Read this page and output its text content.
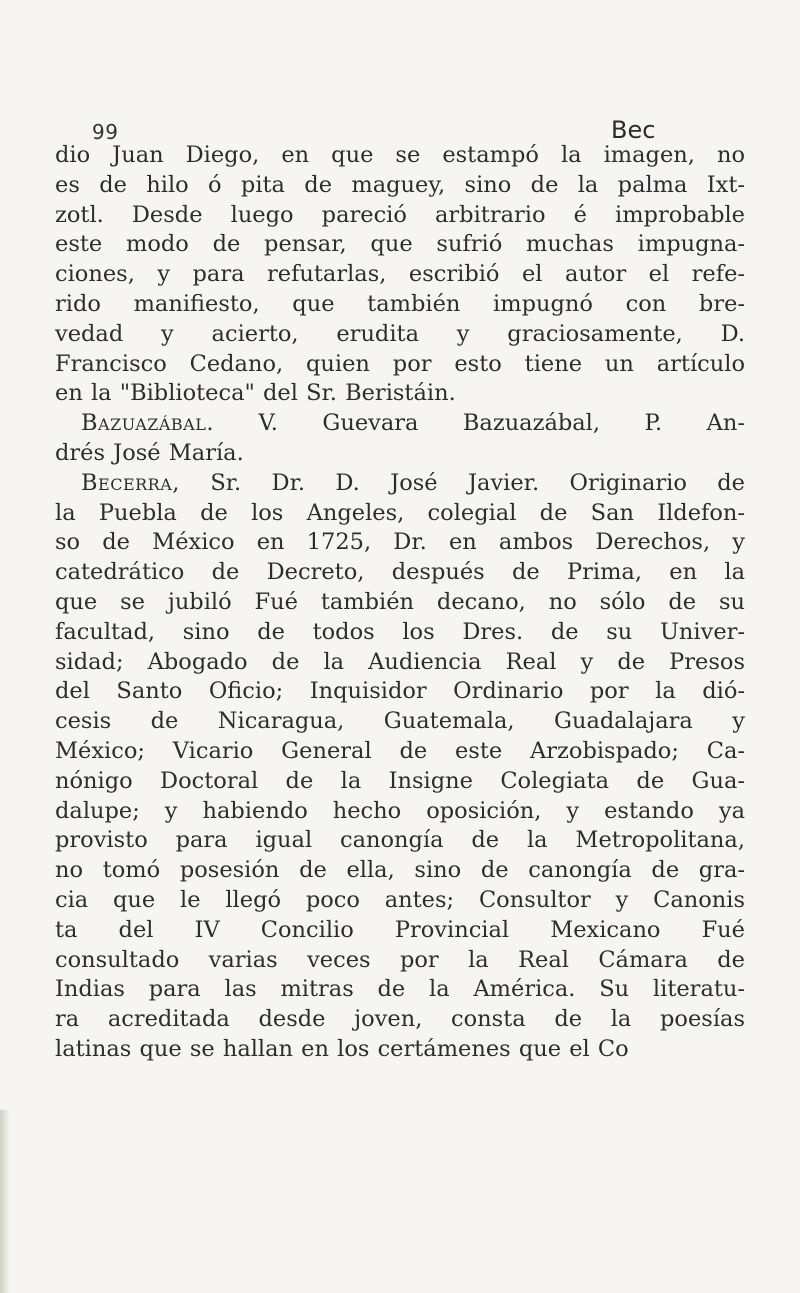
99	Bec
dio Juan Diego, en que se estampó la imagen, no
es de hilo ó pita de maguey, sino de la palma Ixt-
zotl. Desde luego pareció arbitrario é improbable
este modo de pensar, que sufrió muchas impugna-
ciones, y para refutarlas, escribió el autor el refe-
rido manifiesto, que también impugnó con bre-
vedad y acierto, erudita y graciosamente, D.
Francisco Cedano, quien por esto tiene un artículo
en la "Biblioteca" del Sr. Beristáin.
Bazuazábal. V. Guevara Bazuazábal, P. An-
drés José María.
Becerra, Sr. Dr. D. José Javier. Originario de
la Puebla de los Angeles, colegial de San Ildefon-
so de México en 1725, Dr. en ambos Derechos, y
catedrático de Decreto, después de Prima, en la
que se jubiló Fué también decano, no sólo de su
facultad, sino de todos los Dres. de su Univer-
sidad; Abogado de la Audiencia Real y de Presos
del Santo Oficio; Inquisidor Ordinario por la dió-
cesis de Nicaragua, Guatemala, Guadalajara y
México; Vicario General de este Arzobispado; Ca-
nónigo Doctoral de la Insigne Colegiata de Gua-
dalupe; y habiendo hecho oposición, y estando ya
provisto para igual canongía de la Metropolitana,
no tomó posesión de ella, sino de canongía de gra-
cia que le llegó poco antes; Consultor y Canonis
ta del IV Concilio Provincial Mexicano Fué
consultado varias veces por la Real Cámara de
Indias para las mitras de la América. Su literatu-
ra acreditada desde joven, consta de la poesías
latinas que se hallan en los certámenes que el Co
